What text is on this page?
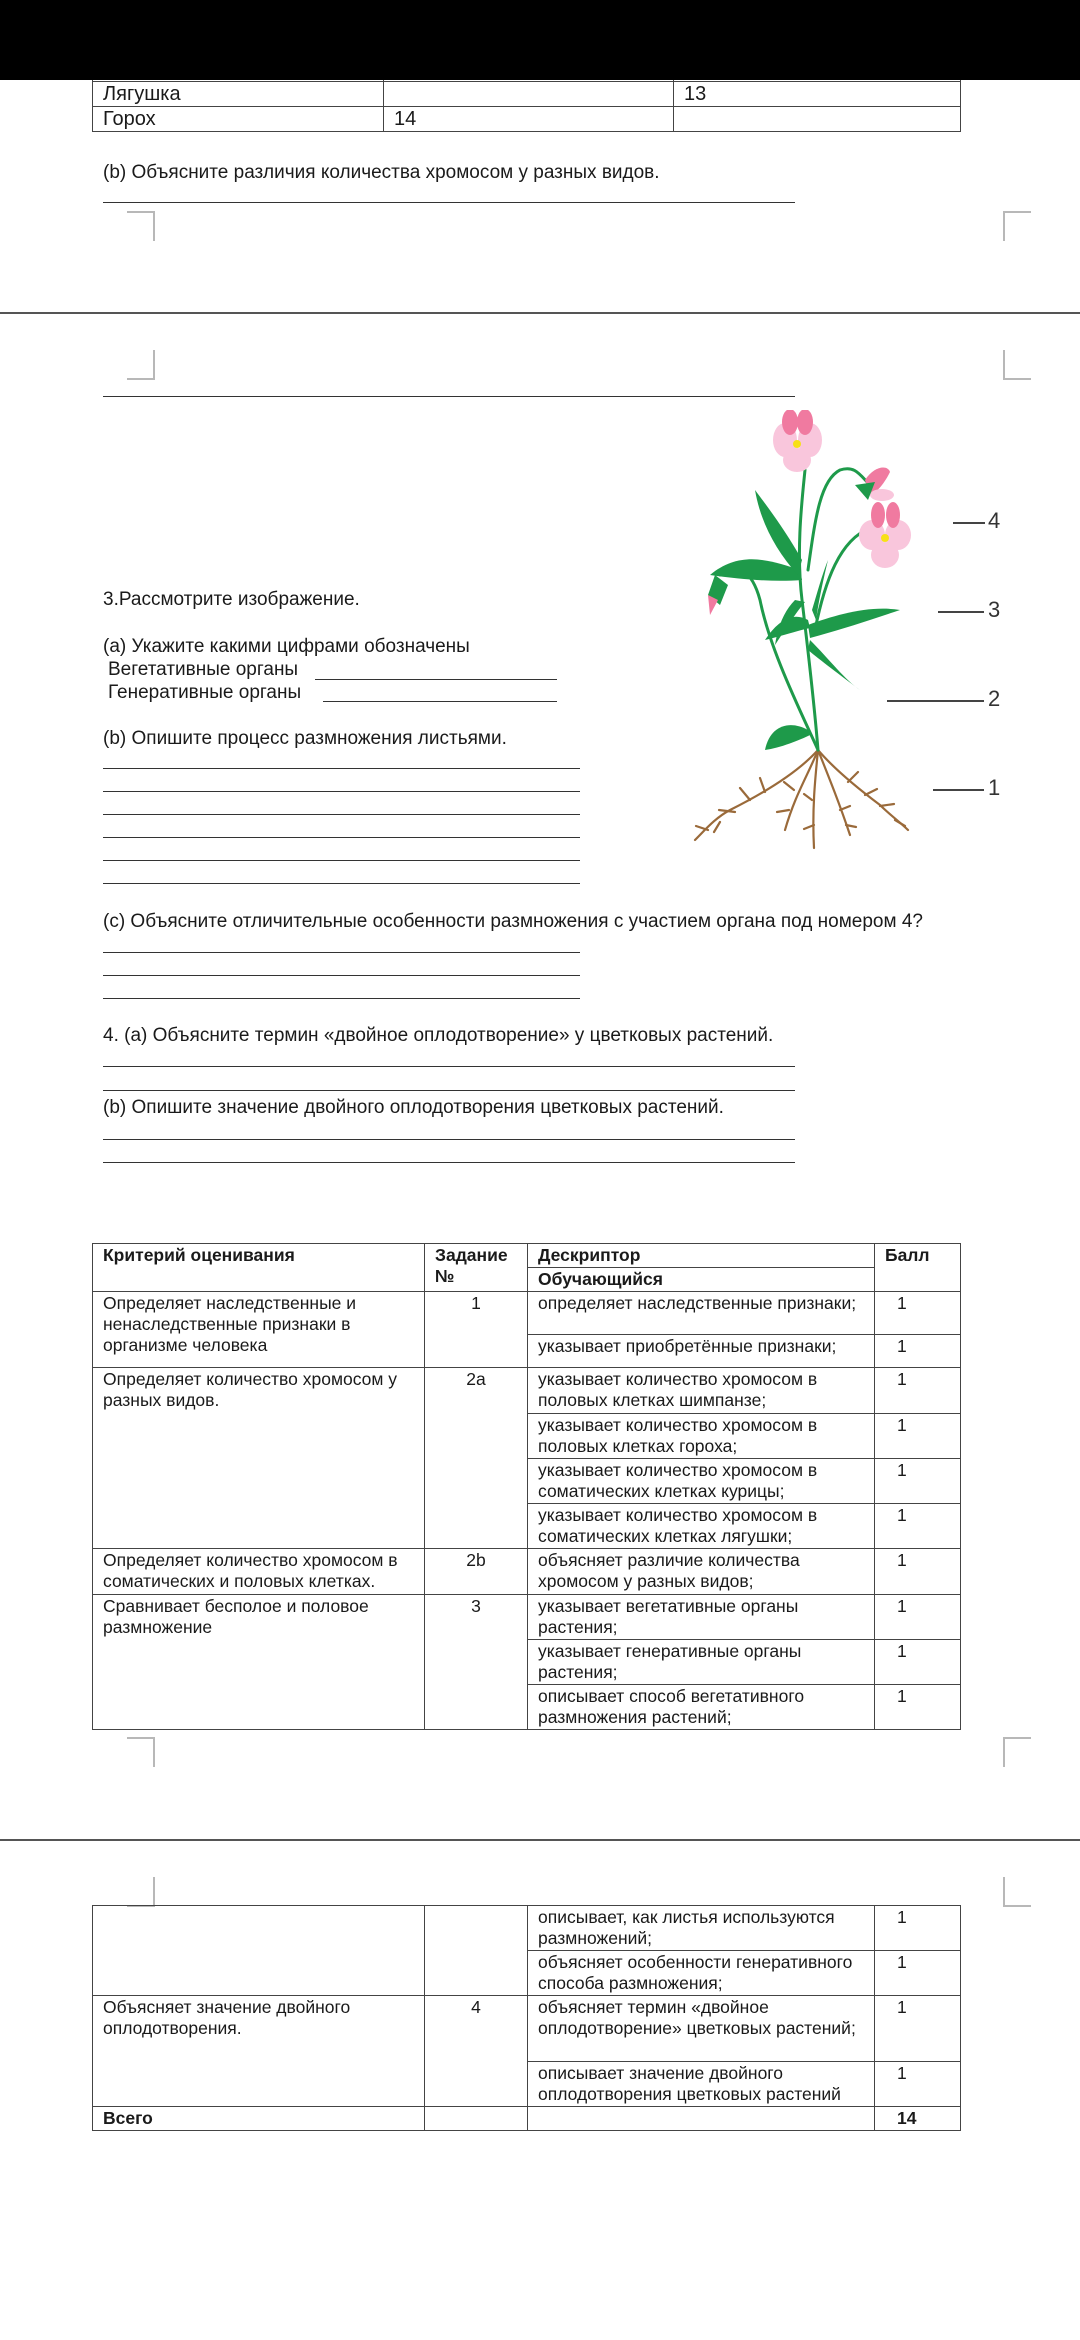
Лягушка		13
Горох	14	
(b) Объясните различия количества хромосом у разных видов.
4
3
2
1
3.Рассмотрите изображение.
(a) Укажите какими цифрами обозначены
Вегетативные органы
Генеративные органы
(b) Опишите процесс размножения листьями.
(c) Объясните отличительные особенности размножения с участием органа под номером 4?
4. (a) Объясните термин «двойное оплодотворение» у цветковых растений.
(b) Опишите значение двойного оплодотворения цветковых растений.
Критерий оценивания	Задание №	Дескриптор	Балл
		Обучающийся	
Определяет наследственные и ненаследственные признаки в организме человека	1	определяет наследственные признаки;	1
		указывает приобретённые признаки;	1
Определяет количество хромосом у разных видов.	2a	указывает количество хромосом в половых клетках шимпанзе;	1
		указывает количество хромосом в половых клетках гороха;	1
		указывает количество хромосом в соматических клетках курицы;	1
		указывает количество хромосом в соматических клетках лягушки;	1
Определяет количество хромосом в соматических и половых клетках.	2b	объясняет различие количества хромосом у разных видов;	1
Сравнивает бесполое и половое размножение	3	указывает вегетативные органы растения;	1
		указывает генеративные органы растения;	1
		описывает способ вегетативного размножения растений;	1
		описывает, как листья используются размножений;	1
		объясняет особенности генеративного способа размножения;	1
Объясняет значение двойного оплодотворения.	4	объясняет термин «двойное оплодотворение» цветковых растений;	1
		описывает значение двойного оплодотворения цветковых растений	1
Всего			14
